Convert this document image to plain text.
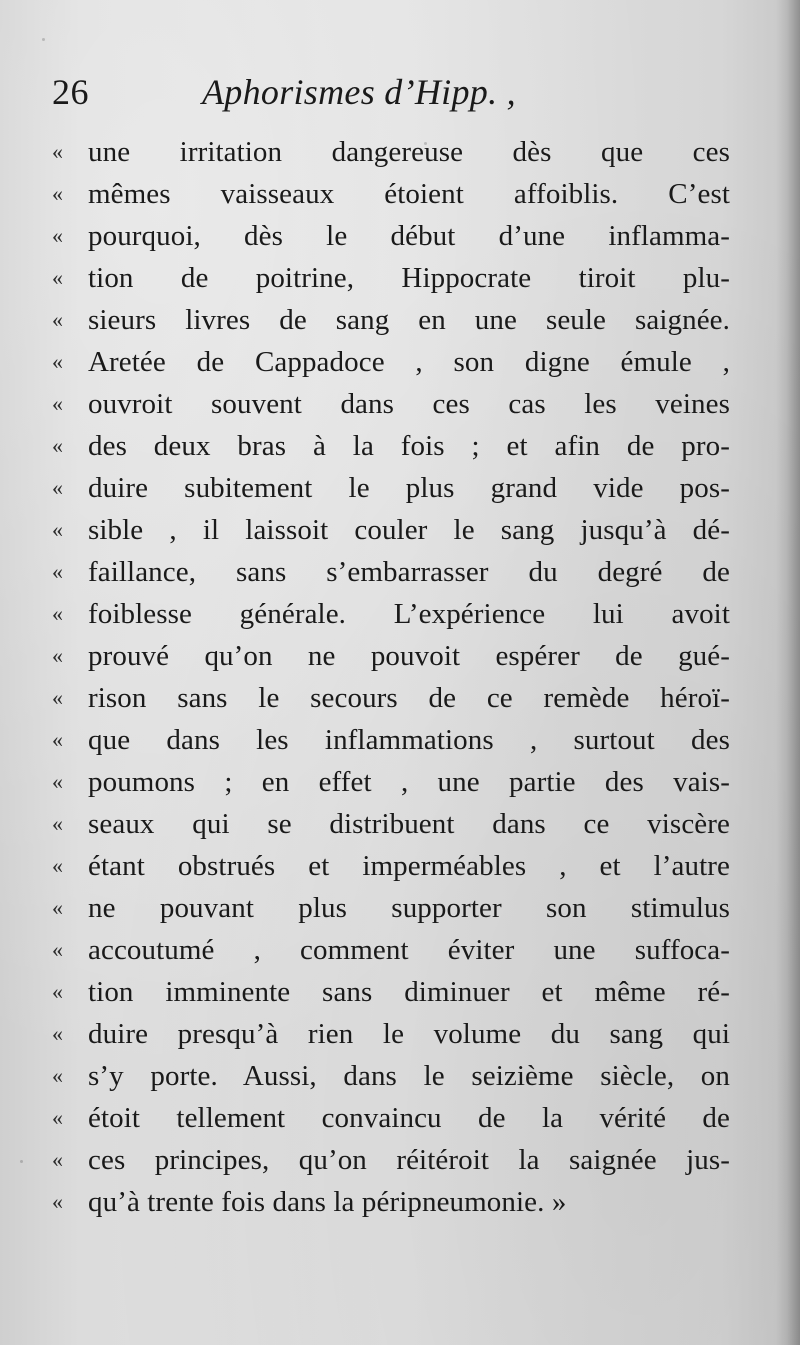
26	Aphorismes d’Hipp. ,
« une irritation dangereuse dès que ces
« mêmes vaisseaux étoient affoiblis. C’est
« pourquoi, dès le début d’une inflamma-
« tion de poitrine, Hippocrate tiroit plu-
« sieurs livres de sang en une seule saignée.
« Aretée de Cappadoce , son digne émule ,
« ouvroit souvent dans ces cas les veines
« des deux bras à la fois ; et afin de pro-
« duire subitement le plus grand vide pos-
« sible , il laissoit couler le sang jusqu’à dé-
« faillance, sans s’embarrasser du degré de
« foiblesse générale. L’expérience lui avoit
« prouvé qu’on ne pouvoit espérer de gué-
« rison sans le secours de ce remède héroï-
« que dans les inflammations , surtout des
« poumons ; en effet , une partie des vais-
« seaux qui se distribuent dans ce viscère
« étant obstrués et imperméables , et l’autre
« ne pouvant plus supporter son stimulus
« accoutumé , comment éviter une suffoca-
« tion imminente sans diminuer et même ré-
« duire presqu’à rien le volume du sang qui
« s’y porte. Aussi, dans le seizième siècle, on
« étoit tellement convaincu de la vérité de
« ces principes, qu’on réitéroit la saignée jus-
« qu’à trente fois dans la péripneumonie. »
